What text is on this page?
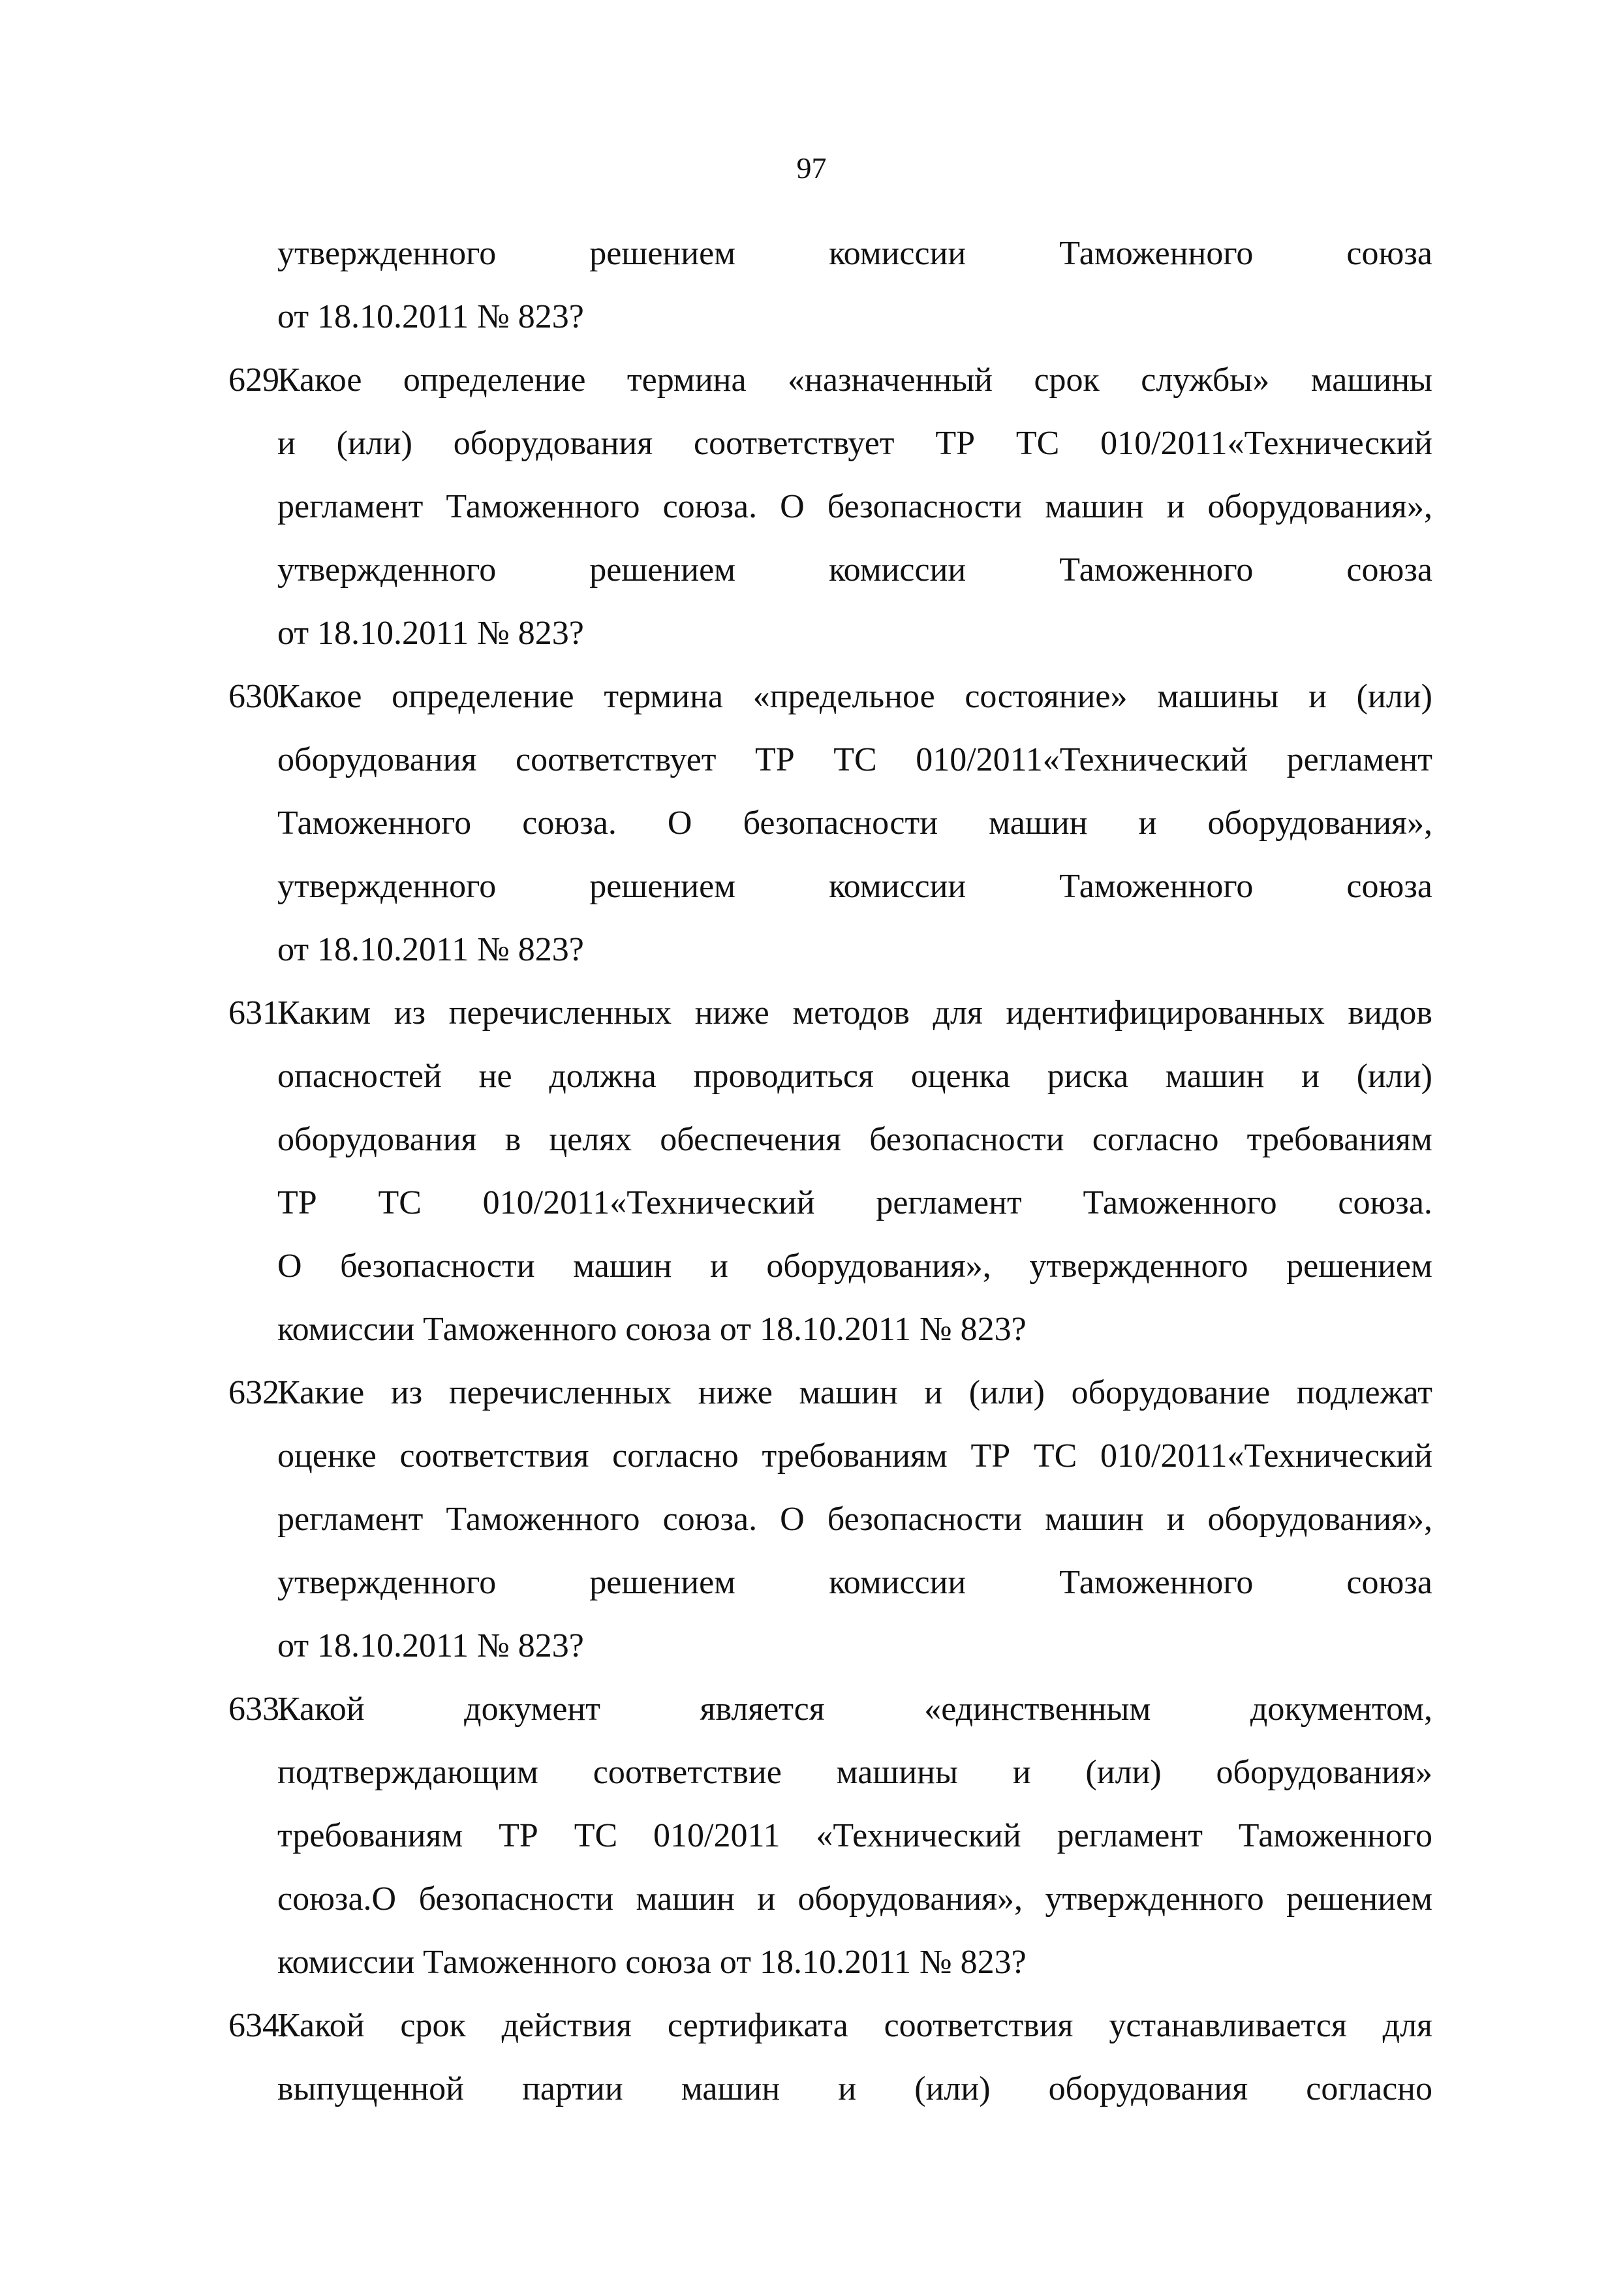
97
утвержденного	решением	комиссии	Таможенного	союза
от 18.10.2011 № 823?
629.
Какое определение термина «назначенный срок службы» машины
и (или) оборудования соответствует ТР ТС 010/2011«Технический
регламент Таможенного союза. О безопасности машин и оборудования»,
утвержденного	решением	комиссии	Таможенного	союза
от 18.10.2011 № 823?
630.
Какое определение термина «предельное состояние» машины и (или)
оборудования соответствует ТР ТС 010/2011«Технический регламент
Таможенного союза. О безопасности машин и оборудования»,
утвержденного	решением	комиссии	Таможенного	союза
от 18.10.2011 № 823?
631.
Каким из перечисленных ниже методов для идентифицированных видов
опасностей не должна проводиться оценка риска машин и (или)
оборудования в целях обеспечения безопасности согласно требованиям
ТР ТС 010/2011«Технический регламент Таможенного союза.
О безопасности машин и оборудования», утвержденного решением
комиссии Таможенного союза от 18.10.2011 № 823?
632.
Какие из перечисленных ниже машин и (или) оборудование подлежат
оценке соответствия согласно требованиям ТР ТС 010/2011«Технический
регламент Таможенного союза. О безопасности машин и оборудования»,
утвержденного	решением	комиссии	Таможенного	союза
от 18.10.2011 № 823?
633.
Какой	документ	является	«единственным	документом,
подтверждающим соответствие машины и (или) оборудования»
требованиям ТР ТС 010/2011 «Технический регламент Таможенного
союза.О безопасности машин и оборудования», утвержденного решением
комиссии Таможенного союза от 18.10.2011 № 823?
634.
Какой срок действия сертификата соответствия устанавливается для
выпущенной партии машин и (или) оборудования согласно
